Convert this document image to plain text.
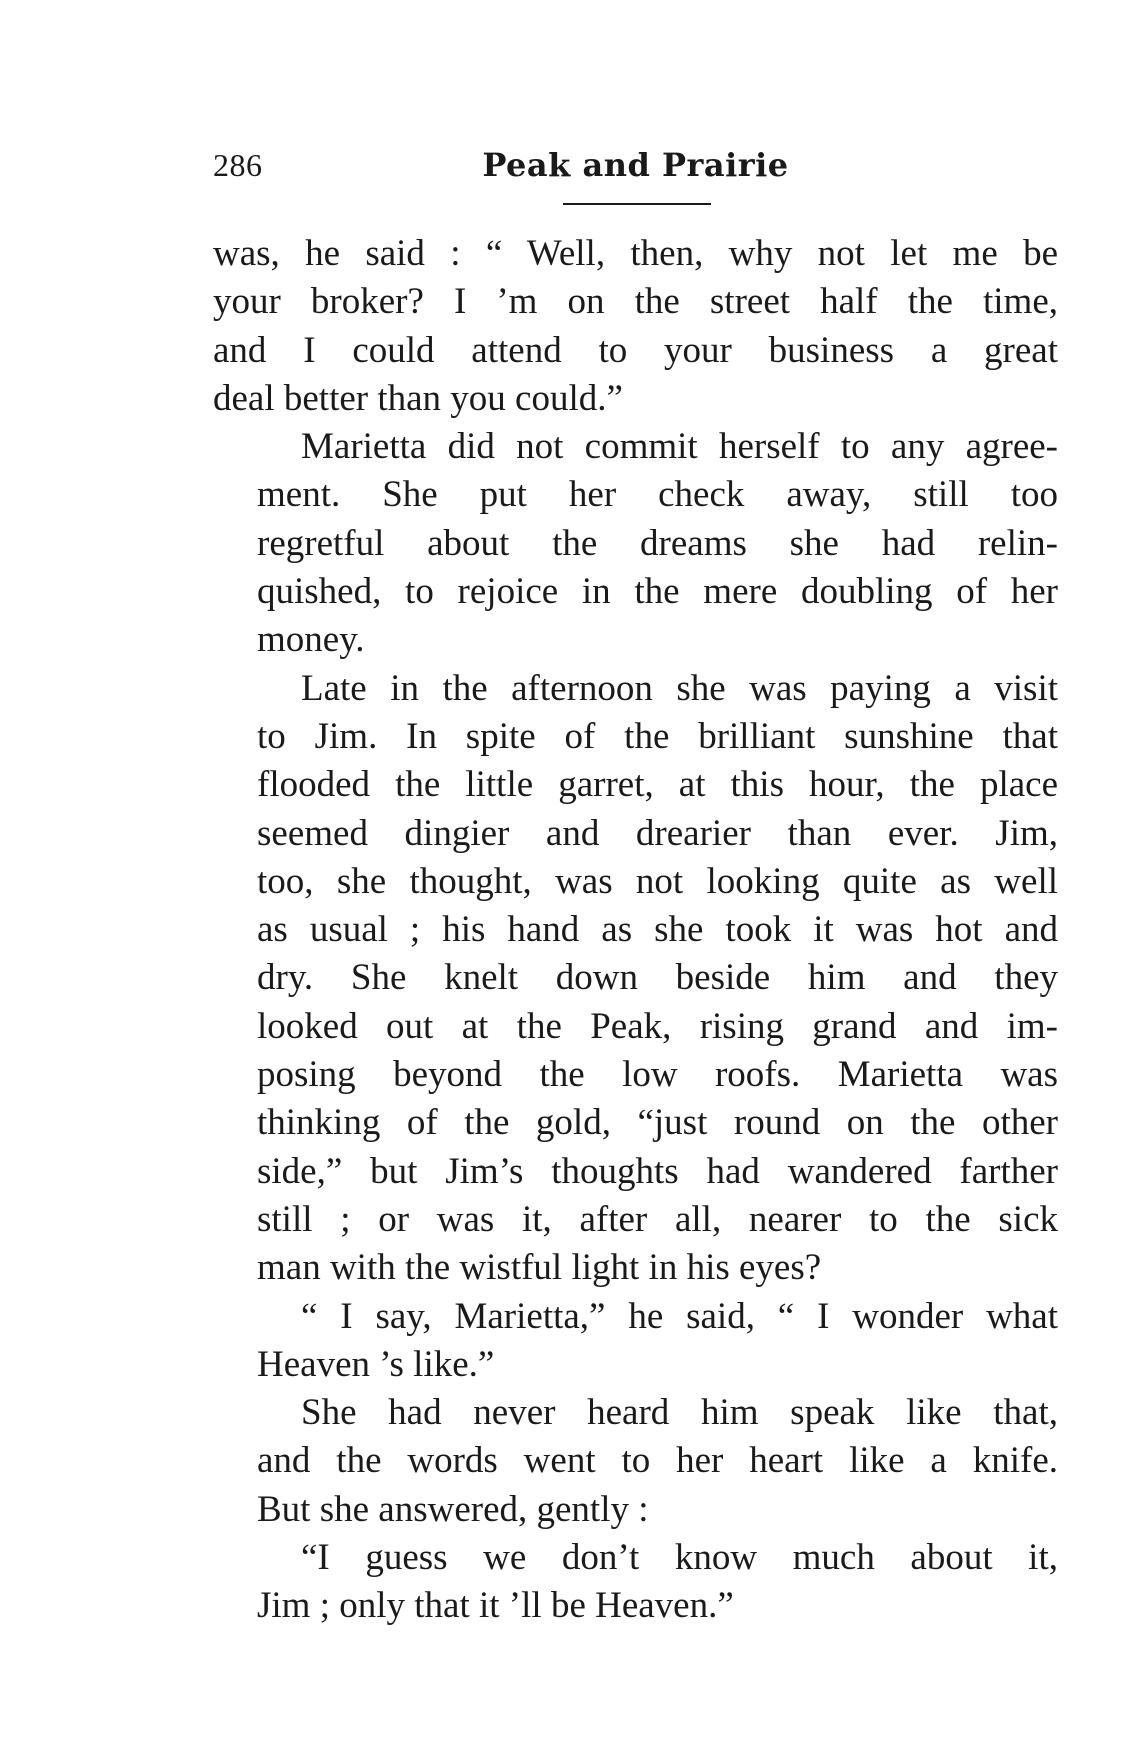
286	Peak and Prairie
was, he said : “ Well, then, why not let me be
your broker? I ’m on the street half the time,
and I could attend to your business a great
deal better than you could.”
Marietta did not commit herself to any agree-
ment. She put her check away, still too
regretful about the dreams she had relin-
quished, to rejoice in the mere doubling of her
money.
Late in the afternoon she was paying a visit
to Jim. In spite of the brilliant sunshine that
flooded the little garret, at this hour, the place
seemed dingier and drearier than ever. Jim,
too, she thought, was not looking quite as well
as usual ; his hand as she took it was hot and
dry. She knelt down beside him and they
looked out at the Peak, rising grand and im-
posing beyond the low roofs. Marietta was
thinking of the gold, “just round on the other
side,” but Jim’s thoughts had wandered farther
still ; or was it, after all, nearer to the sick
man with the wistful light in his eyes?
“ I say, Marietta,” he said, “ I wonder what
Heaven ’s like.”
She had never heard him speak like that,
and the words went to her heart like a knife.
But she answered, gently :
“I guess we don’t know much about it,
Jim ; only that it ’ll be Heaven.”
